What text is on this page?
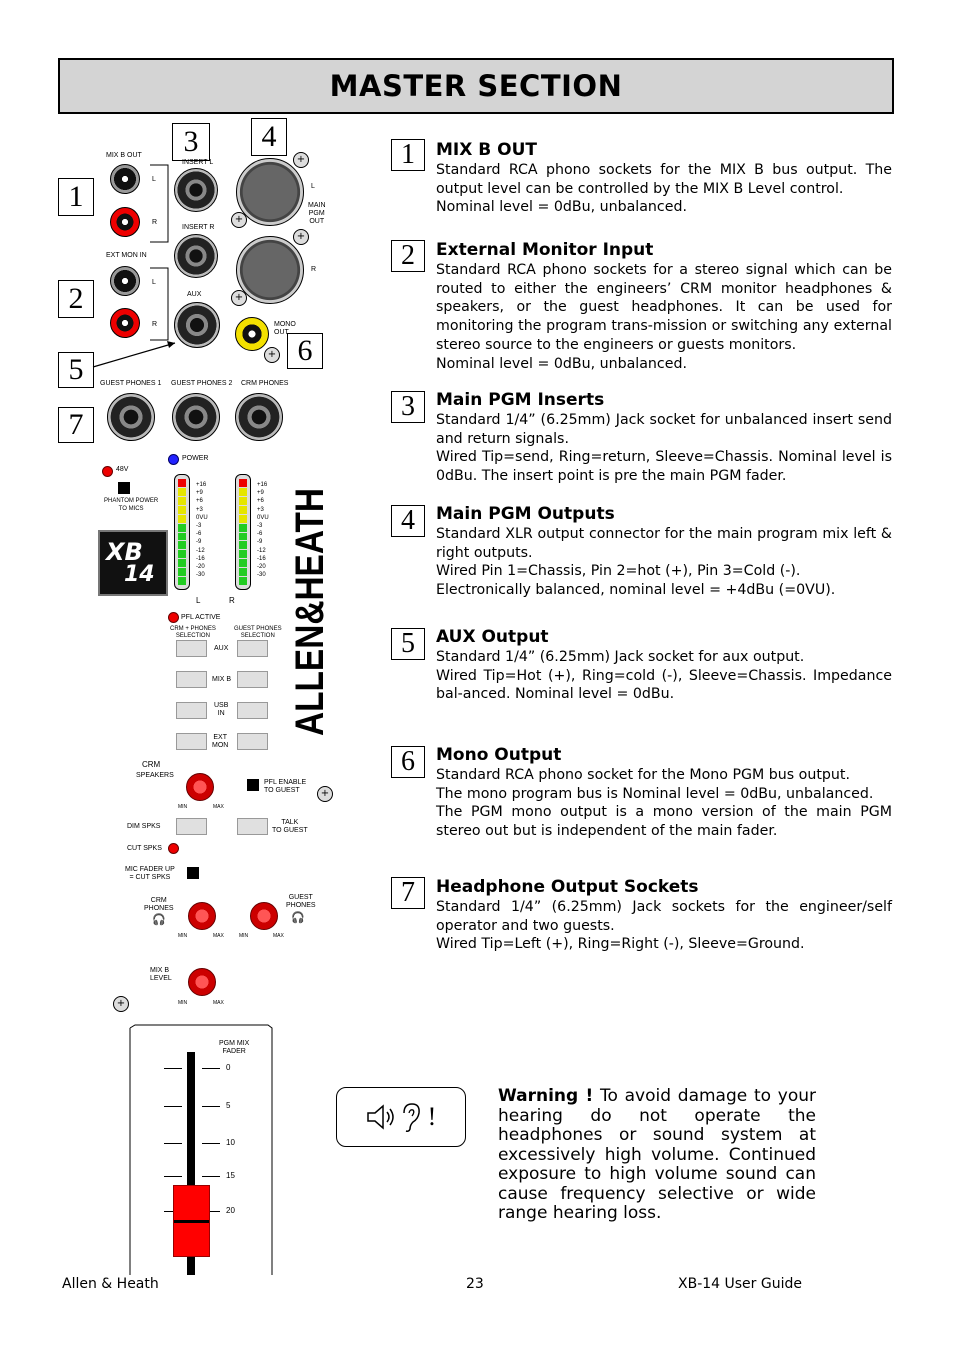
MASTER SECTION
3	4
1
2
5
6
7
MIX B OUT
INSERT L
L
R
INSERT R
L
MAIN
PGM
OUT
R
EXT MON IN
L
R
AUX
MONO
OUT
GUEST PHONES 1 GUEST PHONES 2 CRM PHONES
+
+
+
+
+
+
+
POWER
48V
PHANTOM POWER
TO MICS
XB
14
+16
+9
+6
+3
0VU
-3
-6
-9
-12
-16
-20
-30
+16
+9
+6
+3
0VU
-3
-6
-9
-12
-16
-20
-30
L	R ALLEN&HEATH
PFL ACTIVE
CRM + PHONES
SELECTION
GUEST PHONES
SELECTION
AUX
MIX B
USB
IN
EXT
MON
CRM
SPEAKERS
MIN	MAX
PFL ENABLE
TO GUEST
DIM SPKS
TALK
TO GUEST
CUT SPKS
MIC FADER UP
= CUT SPKS
CRM
PHONES
🎧
MIN	MAX	MIN	MAX
GUEST
PHONES
🎧
MIX B
LEVEL
MIN	MAX
PGM MIX
FADER
0
5
10
15
20
1	MIX B OUT

Standard RCA phono sockets for the MIX B bus output. The output level can be controlled by the MIX B Level control.

Nominal level = 0dBu, unbalanced.

2	External Monitor Input

Standard RCA phono sockets for a stereo signal which can be routed to either the engineers’ CRM monitor headphones & speakers, or the guest headphones. It can be used for monitoring the program trans-mission or switching any external stereo source to the engineers or guests monitors.

Nominal level = 0dBu, unbalanced.

3	Main PGM Inserts

Standard 1/4” (6.25mm) Jack socket for unbalanced insert send and return signals.

Wired Tip=send, Ring=return, Sleeve=Chassis. Nominal level is 0dBu. The insert point is pre the main PGM fader.

4	Main PGM Outputs

Standard XLR output connector for the main program mix left & right outputs.

Wired Pin 1=Chassis, Pin 2=hot (+), Pin 3=Cold (-).

Electronically balanced, nominal level = +4dBu (=0VU).

5	AUX Output

Standard 1/4” (6.25mm) Jack socket for aux output.

Wired Tip=Hot (+), Ring=cold (-), Sleeve=Chassis. Impedance bal-anced. Nominal level = 0dBu.

6	Mono Output

Standard RCA phono socket for the Mono PGM bus output.

The mono program bus is Nominal level = 0dBu, unbalanced.

The PGM mono output is a mono version of the main PGM stereo out but is independent of the main fader.

7	Headphone Output Sockets

Standard 1/4” (6.25mm) Jack sockets for the engineer/self operator and two guests.

Wired Tip=Left (+), Ring=Right (-), Sleeve=Ground.

!
Warning ! To avoid damage to your hearing do not operate the headphones or sound system at excessively high volume. Continued exposure to high volume sound can cause frequency selective or wide range hearing loss.
Allen & Heath	23	XB-14 User Guide
